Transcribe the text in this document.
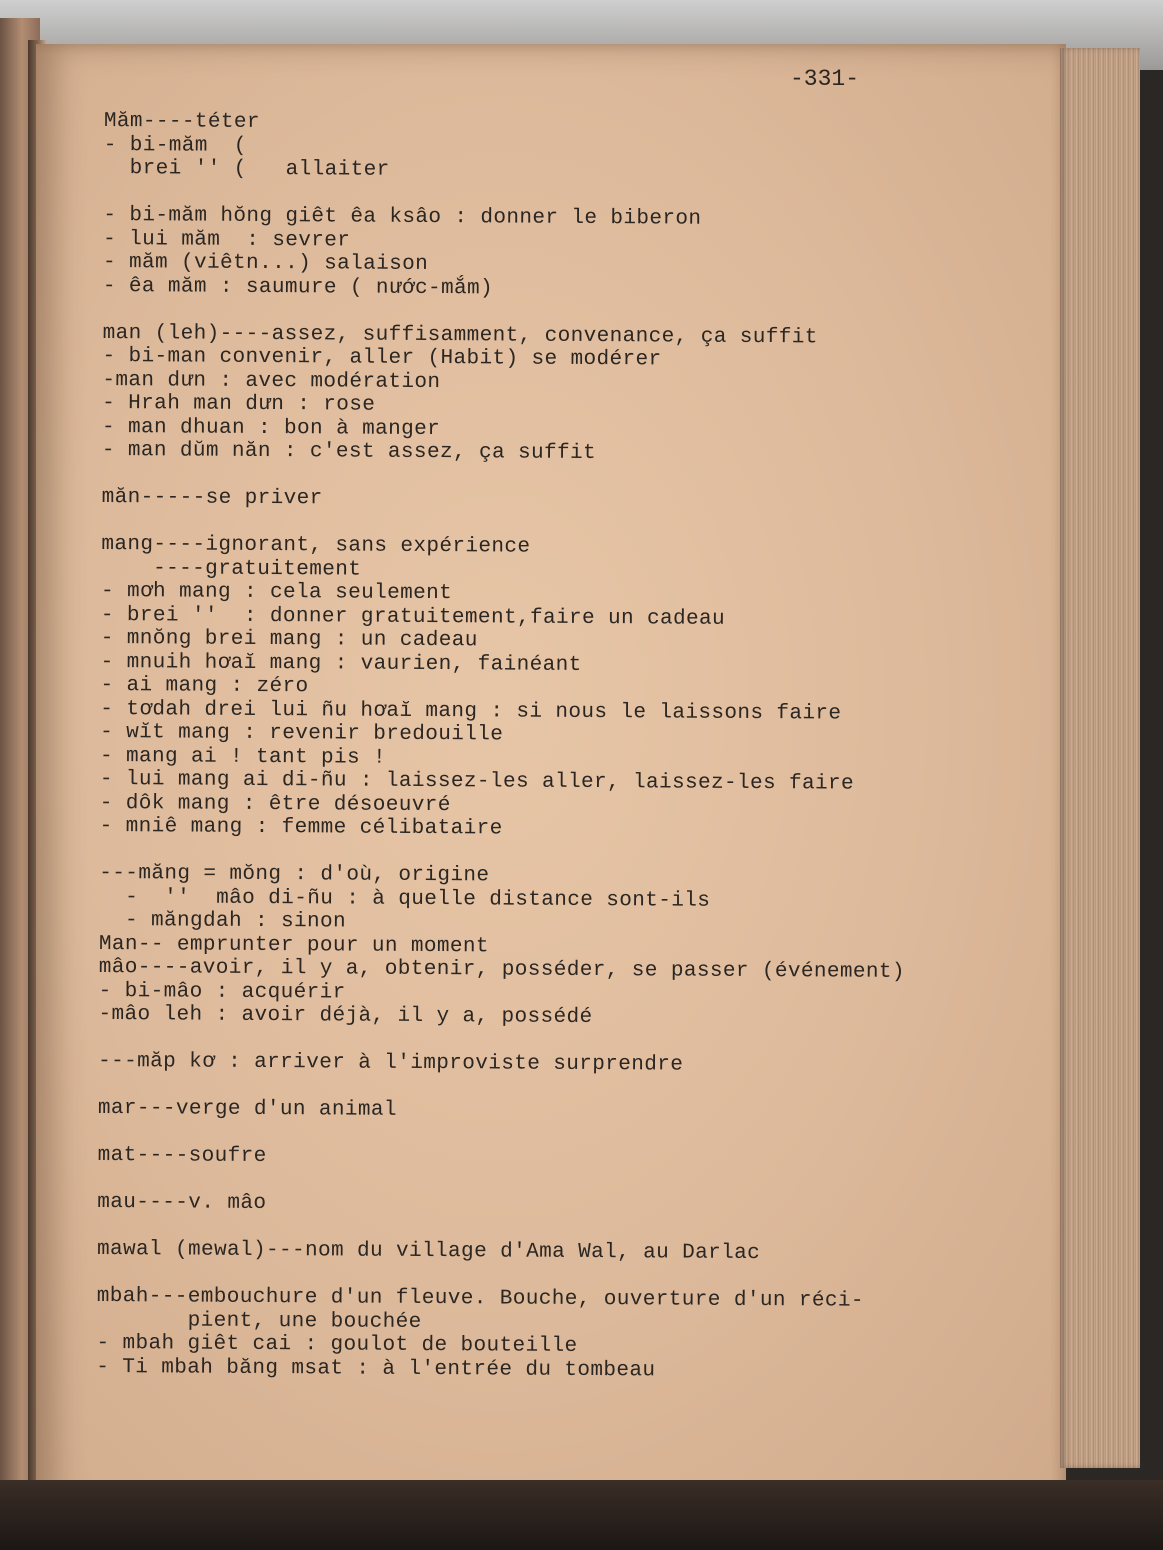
-331-
Măm----téter
- bi-măm  (
brei '' (   allaiter
- bi-măm hŏng giêt êa ksâo : donner le biberon
- lui măm  : sevrer
- măm (viêtn...) salaison
- êa măm : saumure ( nước-mắm)
man (leh)----assez, suffisamment, convenance, ça suffit
- bi-man convenir, aller (Habit) se modérer
-man dưn : avec modération
- Hrah man dưn : rose
- man dhuan : bon à manger
- man dŭm năn : c'est assez, ça suffit
măn-----se priver
mang----ignorant, sans expérience
----gratuitement
- mơh mang : cela seulement
- brei ''  : donner gratuitement,faire un cadeau
- mnŏng brei mang : un cadeau
- mnuih hơaĭ mang : vaurien, fainéant
- ai mang : zéro
- tơdah drei lui ñu hơaĭ mang : si nous le laissons faire
- wĭt mang : revenir bredouille
- mang ai ! tant pis !
- lui mang ai di-ñu : laissez-les aller, laissez-les faire
- dôk mang : être désoeuvré
- mniê mang : femme célibataire
---măng = mŏng : d'où, origine
-  ''  mâo di-ñu : à quelle distance sont-ils
- măngdah : sinon
Man-- emprunter pour un moment
mâo----avoir, il y a, obtenir, posséder, se passer (événement)
- bi-mâo : acquérir
-mâo leh : avoir déjà, il y a, possédé
---măp kơ : arriver à l'improviste surprendre
mar---verge d'un animal
mat----soufre
mau----v. mâo
mawal (mewal)---nom du village d'Ama Wal, au Darlac
mbah---embouchure d'un fleuve. Bouche, ouverture d'un réci-
pient, une bouchée
- mbah giêt cai : goulot de bouteille
- Ti mbah băng msat : à l'entrée du tombeau
